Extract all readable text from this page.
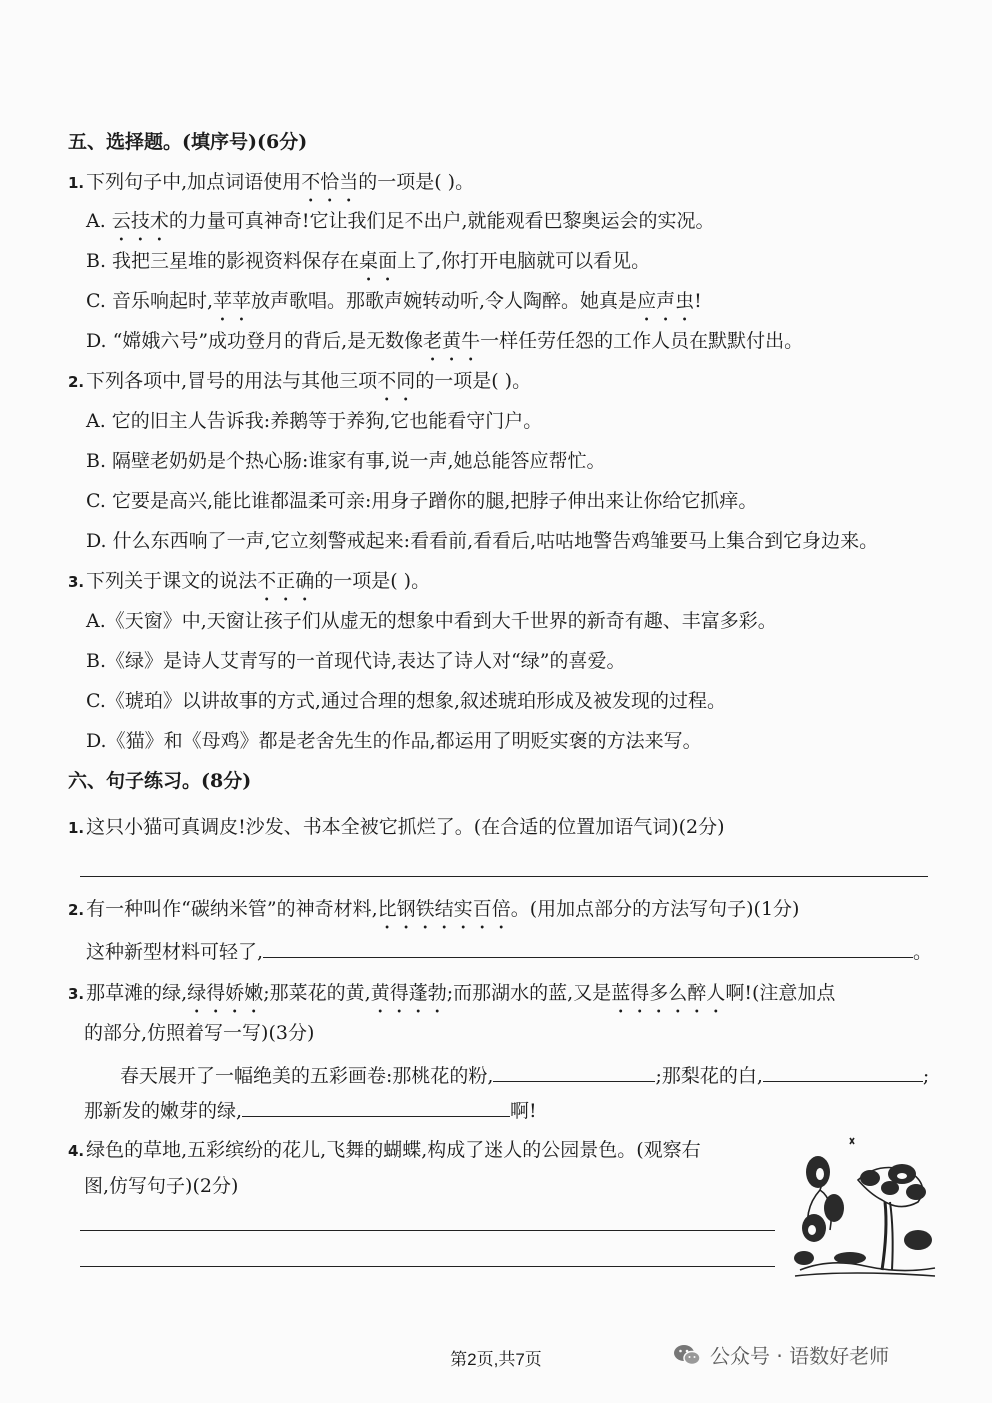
五、选择题。(填序号)(6分)
1. 下列句子中,加点词语使用不恰当的一项是( )。
A. 云技术的力量可真神奇!它让我们足不出户,就能观看巴黎奥运会的实况。
B. 我把三星堆的影视资料保存在桌面上了,你打开电脑就可以看见。
C. 音乐响起时,苹苹放声歌唱。那歌声婉转动听,令人陶醉。她真是应声虫!
D. “嫦娥六号”成功登月的背后,是无数像老黄牛一样任劳任怨的工作人员在默默付出。
2. 下列各项中,冒号的用法与其他三项不同的一项是( )。
A. 它的旧主人告诉我:养鹅等于养狗,它也能看守门户。
B. 隔壁老奶奶是个热心肠:谁家有事,说一声,她总能答应帮忙。
C. 它要是高兴,能比谁都温柔可亲:用身子蹭你的腿,把脖子伸出来让你给它抓痒。
D. 什么东西响了一声,它立刻警戒起来:看看前,看看后,咕咕地警告鸡雏要马上集合到它身边来。
3. 下列关于课文的说法不正确的一项是( )。
A.《天窗》中,天窗让孩子们从虚无的想象中看到大千世界的新奇有趣、丰富多彩。
B.《绿》是诗人艾青写的一首现代诗,表达了诗人对“绿”的喜爱。
C.《琥珀》以讲故事的方式,通过合理的想象,叙述琥珀形成及被发现的过程。
D.《猫》和《母鸡》都是老舍先生的作品,都运用了明贬实褒的方法来写。
六、句子练习。(8分)
1. 这只小猫可真调皮!沙发、书本全被它抓烂了。(在合适的位置加语气词)(2分)
2. 有一种叫作“碳纳米管”的神奇材料,比钢铁结实百倍。(用加点部分的方法写句子)(1分)
这种新型材料可轻了,	。
3. 那草滩的绿,绿得娇嫩;那菜花的黄,黄得蓬勃;而那湖水的蓝,又是蓝得多么醉人啊!(注意加点
的部分,仿照着写一写)(3分)
春天展开了一幅绝美的五彩画卷:那桃花的粉,	;那梨花的白,	;
那新发的嫩芽的绿,	啊!
4. 绿色的草地,五彩缤纷的花儿,飞舞的蝴蝶,构成了迷人的公园景色。(观察右
图,仿写句子)(2分)
第2页,共7页	公众号 · 语数好老师
